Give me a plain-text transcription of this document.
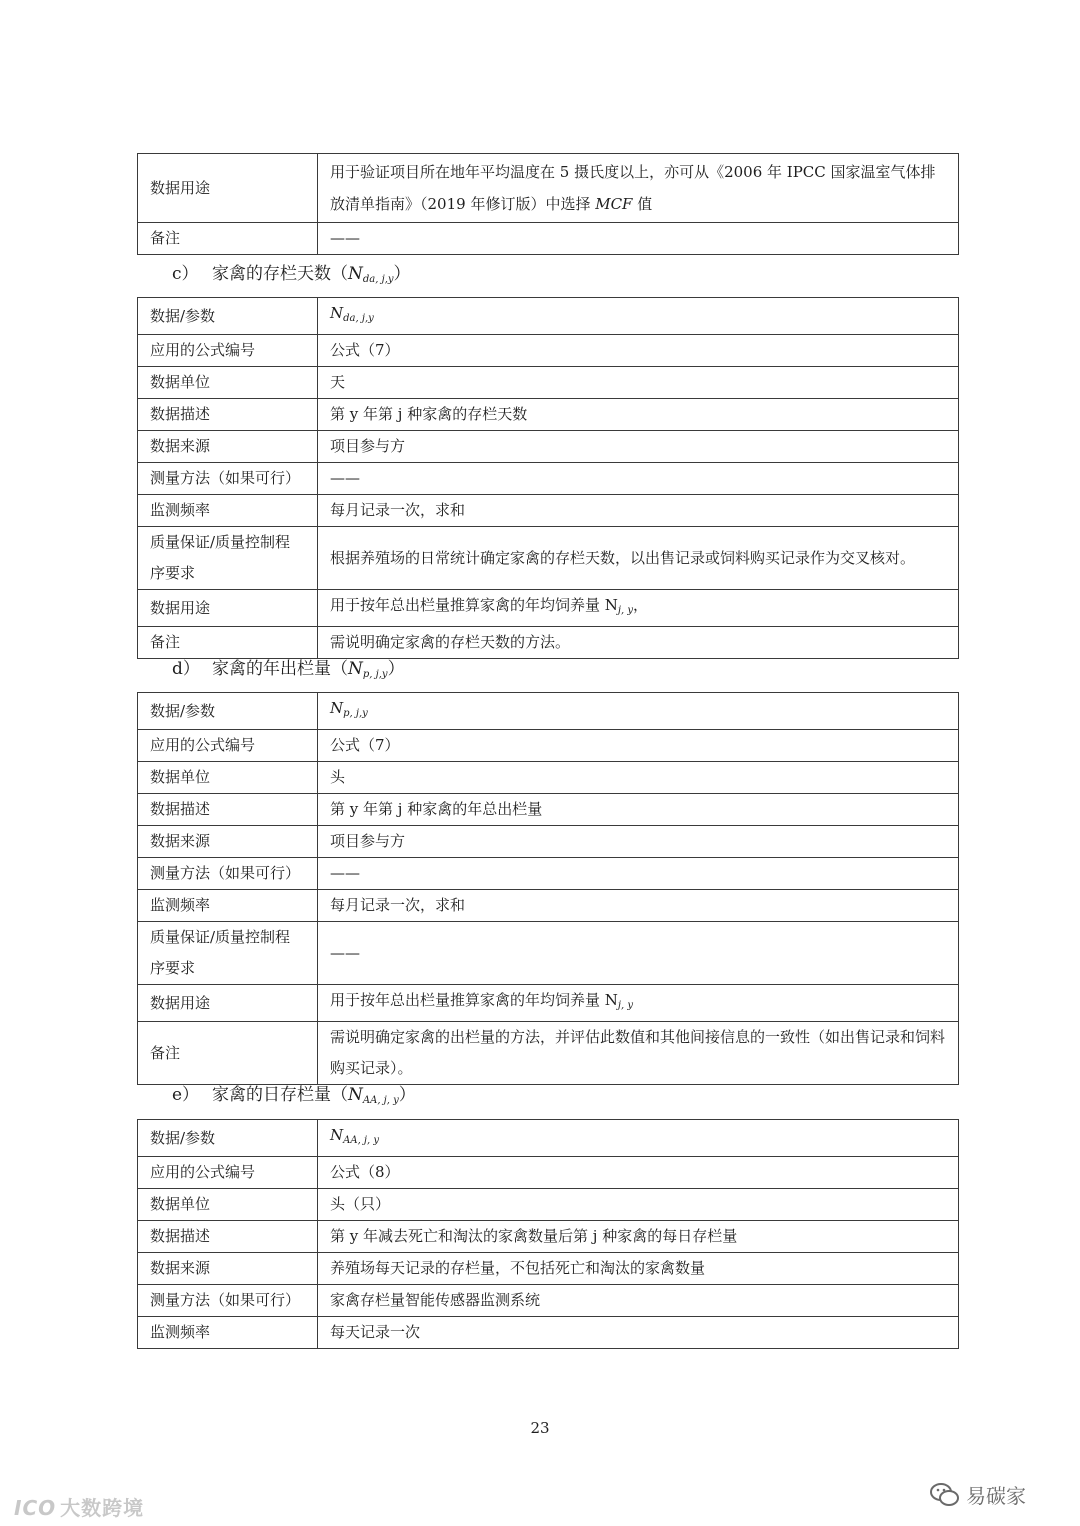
数据用途	用于验证项目所在地年平均温度在 5 摄氏度以上，亦可从《2006 年 IPCC 国家温室气体排放清单指南》（2019 年修订版）中选择 MCF 值
备注	——
c） 家禽的存栏天数$(N_{da, j,y})$
数据/参数	$N_{da, j,y}$
应用的公式编号	公式（7）
数据单位	天
数据描述	第 y 年第 j 种家禽的存栏天数
数据来源	项目参与方
测量方法（如果可行）	——
监测频率	每月记录一次，求和
质量保证/质量控制程序要求	根据养殖场的日常统计确定家禽的存栏天数，以出售记录或饲料购买记录作为交叉核对。
数据用途	用于按年总出栏量推算家禽的年均饲养量 $N_{j, y}$，
备注	需说明确定家禽的存栏天数的方法。
d） 家禽的年出栏量$(N_{p, j,y})$
数据/参数	$N_{p, j,y}$
应用的公式编号	公式（7）
数据单位	头
数据描述	第 y 年第 j 种家禽的年总出栏量
数据来源	项目参与方
测量方法（如果可行）	——
监测频率	每月记录一次，求和
质量保证/质量控制程序要求	——
数据用途	用于按年总出栏量推算家禽的年均饲养量 $N_{j, y}$
备注	需说明确定家禽的出栏量的方法，并评估此数值和其他间接信息的一致性（如出售记录和饲料购买记录）。
e） 家禽的日存栏量$(N_{AA, j, y})$
数据/参数	$N_{AA, j, y}$
应用的公式编号	公式（8）
数据单位	头（只）
数据描述	第 y 年减去死亡和淘汰的家禽数量后第 j 种家禽的每日存栏量
数据来源	养殖场每天记录的存栏量，不包括死亡和淘汰的家禽数量
测量方法（如果可行）	家禽存栏量智能传感器监测系统
监测频率	每天记录一次
23
ICO 大数跨境	易碳家
